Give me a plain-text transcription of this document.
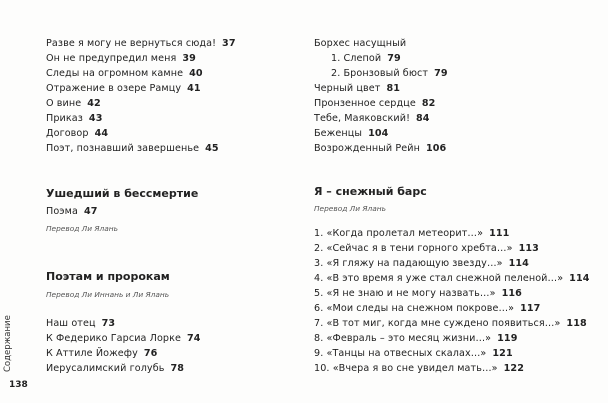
Разве я могу не вернуться сюда! 37
Он не предупредил меня 39
Следы на огромном камне 40
Отражение в озере Рамцу 41
О вине 42
Приказ 43
Договор 44
Поэт, познавший завершенье 45
Ушедший в бессмертие
Поэма 47
Перевод Ли Ялань
Поэтам и пророкам
Перевод Ли Иннань и Ли Ялань
Наш отец 73
К Федерико Гарсиа Лорке 74
К Аттиле Йожефу 76
Иерусалимский голубь 78
Содержание
138
Борхес насущный
1. Слепой 79
2. Бронзовый бюст 79
Черный цвет 81
Пронзенное сердце 82
Тебе, Маяковский! 84
Беженцы 104
Возрожденный Рейн 106
Я – снежный барс
Перевод Ли Ялань
1. «Когда пролетал метеорит…» 111
2. «Сейчас я в тени горного хребта…» 113
3. «Я гляжу на падающую звезду…» 114
4. «В это время я уже стал снежной пеленой…» 114
5. «Я не знаю и не могу назвать…» 116
6. «Мои следы на снежном покрове…» 117
7. «В тот миг, когда мне суждено появиться…» 118
8. «Февраль – это месяц жизни…» 119
9. «Танцы на отвесных скалах…» 121
10. «Вчера я во сне увидел мать…» 122
